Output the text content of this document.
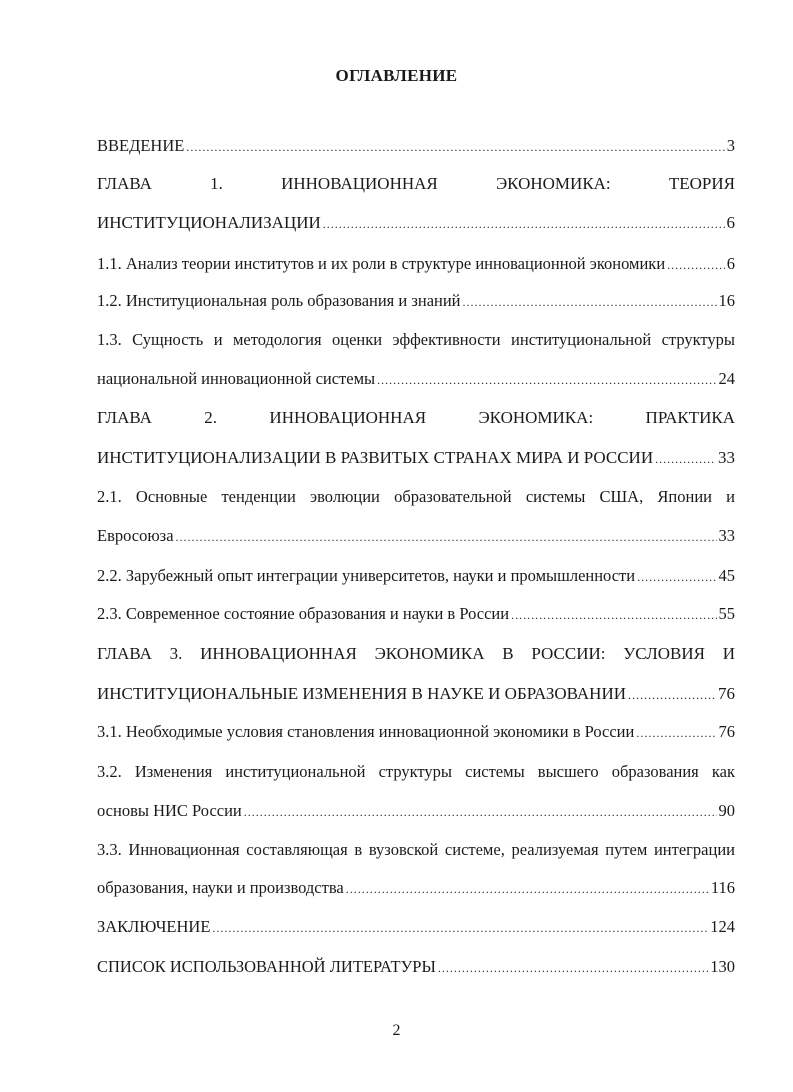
ОГЛАВЛЕНИЕ
ВВЕДЕНИЕ .....	3
ГЛАВА 1. ИННОВАЦИОННАЯ ЭКОНОМИКА: ТЕОРИЯ
ИНСТИТУЦИОНАЛИЗАЦИИ .....	6
1.1. Анализ теории институтов и их роли в структуре инновационной экономики .....	6
1.2. Институциональная роль образования и знаний .....	16
1.3. Сущность и методология оценки эффективности институциональной структуры
национальной инновационной системы .....	24
ГЛАВА 2. ИННОВАЦИОННАЯ ЭКОНОМИКА: ПРАКТИКА
ИНСТИТУЦИОНАЛИЗАЦИИ В РАЗВИТЫХ СТРАНАХ МИРА И РОССИИ .....	33
2.1. Основные тенденции эволюции образовательной системы США, Японии и
Евросоюза .....	33
2.2. Зарубежный опыт интеграции университетов, науки и промышленности .....	45
2.3. Современное состояние образования и науки в России .....	55
ГЛАВА 3. ИННОВАЦИОННАЯ ЭКОНОМИКА В РОССИИ: УСЛОВИЯ И
ИНСТИТУЦИОНАЛЬНЫЕ ИЗМЕНЕНИЯ В НАУКЕ И ОБРАЗОВАНИИ .....	76
3.1. Необходимые условия становления инновационной экономики в России .....	76
3.2. Изменения институциональной структуры системы высшего образования как
основы НИС России .....	90
3.3. Инновационная составляющая в вузовской системе, реализуемая путем интеграции
образования, науки и производства .....	116
ЗАКЛЮЧЕНИЕ .....	124
СПИСОК ИСПОЛЬЗОВАННОЙ ЛИТЕРАТУРЫ .....	130
2
